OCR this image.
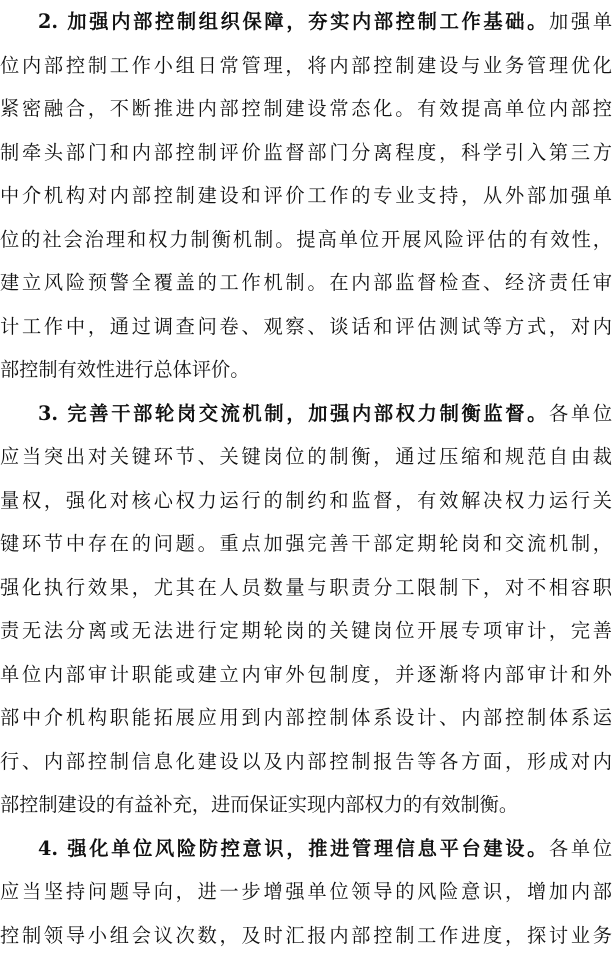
2. 加强内部控制组织保障，夯实内部控制工作基础。加强单
位内部控制工作小组日常管理，将内部控制建设与业务管理优化
紧密融合，不断推进内部控制建设常态化。有效提高单位内部控
制牵头部门和内部控制评价监督部门分离程度，科学引入第三方
中介机构对内部控制建设和评价工作的专业支持，从外部加强单
位的社会治理和权力制衡机制。提高单位开展风险评估的有效性，
建立风险预警全覆盖的工作机制。在内部监督检查、经济责任审
计工作中，通过调查问卷、观察、谈话和评估测试等方式，对内
部控制有效性进行总体评价。
3. 完善干部轮岗交流机制，加强内部权力制衡监督。各单位
应当突出对关键环节、关键岗位的制衡，通过压缩和规范自由裁
量权，强化对核心权力运行的制约和监督，有效解决权力运行关
键环节中存在的问题。重点加强完善干部定期轮岗和交流机制，
强化执行效果，尤其在人员数量与职责分工限制下，对不相容职
责无法分离或无法进行定期轮岗的关键岗位开展专项审计，完善
单位内部审计职能或建立内审外包制度，并逐渐将内部审计和外
部中介机构职能拓展应用到内部控制体系设计、内部控制体系运
行、内部控制信息化建设以及内部控制报告等各方面，形成对内
部控制建设的有益补充，进而保证实现内部权力的有效制衡。
4. 强化单位风险防控意识，推进管理信息平台建设。各单位
应当坚持问题导向，进一步增强单位领导的风险意识，增加内部
控制领导小组会议次数，及时汇报内部控制工作进度，探讨业务
